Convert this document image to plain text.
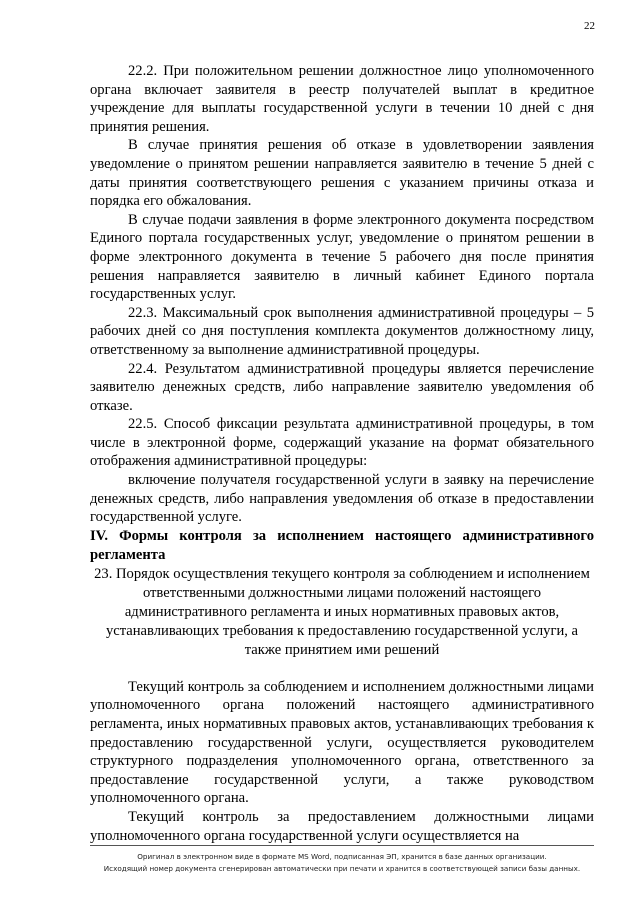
22

22.2. При положительном решении должностное лицо уполномоченного органа включает заявителя в реестр получателей выплат в кредитное учреждение для выплаты государственной услуги в течении 10 дней с дня принятия решения.

В случае принятия решения об отказе в удовлетворении заявления уведомление о принятом решении направляется заявителю в течение 5 дней с даты принятия соответствующего решения с указанием причины отказа и порядка его обжалования.

В случае подачи заявления в форме электронного документа посредством Единого портала государственных услуг, уведомление о принятом решении в форме электронного документа в течение 5 рабочего дня после принятия решения направляется заявителю в личный кабинет Единого портала государственных услуг.

22.3. Максимальный срок выполнения административной процедуры – 5 рабочих дней со дня поступления комплекта документов должностному лицу, ответственному за выполнение административной процедуры.

22.4. Результатом административной процедуры является перечисление заявителю денежных средств, либо направление заявителю уведомления об отказе.

22.5. Способ фиксации результата административной процедуры, в том числе в электронной форме, содержащий указание на формат обязательного отображения административной процедуры:

включение получателя государственной услуги в заявку на перечисление денежных средств, либо направления уведомления об отказе в предоставлении государственной услуге.

IV. Формы контроля за исполнением настоящего административного регламента

23. Порядок осуществления текущего контроля за соблюдением и исполнением ответственными должностными лицами положений настоящего административного регламента и иных нормативных правовых актов, устанавливающих требования к предоставлению государственной услуги, а также принятием ими решений

Текущий контроль за соблюдением и исполнением должностными лицами уполномоченного органа положений настоящего административного регламента, иных нормативных правовых актов, устанавливающих требования к предоставлению государственной услуги, осуществляется руководителем структурного подразделения уполномоченного органа, ответственного за предоставление государственной услуги, а также руководством уполномоченного органа.

Текущий контроль за предоставлением должностными лицами уполномоченного органа государственной услуги осуществляется на

Оригинал в электронном виде в формате MS Word, подписанная ЭП, хранится в базе данных организации.
Исходящий номер документа сгенерирован автоматически при печати и хранится в соответствующей записи базы данных.
